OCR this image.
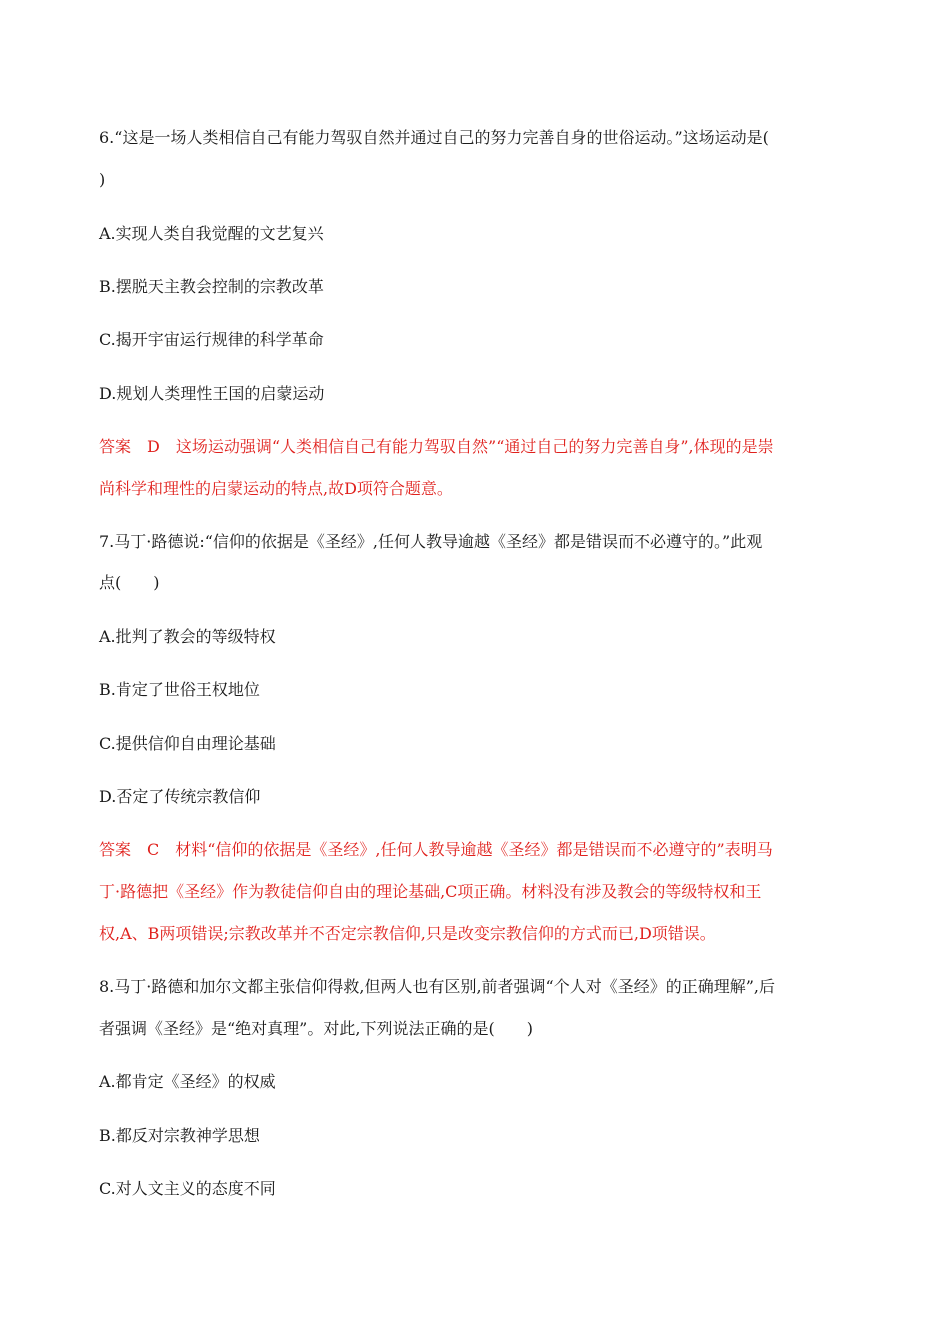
6.“这是一场人类相信自己有能力驾驭自然并通过自己的努力完善自身的世俗运动。”这场运动是(
)
A.实现人类自我觉醒的文艺复兴
B.摆脱天主教会控制的宗教改革
C.揭开宇宙运行规律的科学革命
D.规划人类理性王国的启蒙运动
答案　D　这场运动强调“人类相信自己有能力驾驭自然”“通过自己的努力完善自身”,体现的是崇
尚科学和理性的启蒙运动的特点,故D项符合题意。
7.马丁·路德说:“信仰的依据是《圣经》,任何人教导逾越《圣经》都是错误而不必遵守的。”此观
点(　　)
A.批判了教会的等级特权
B.肯定了世俗王权地位
C.提供信仰自由理论基础
D.否定了传统宗教信仰
答案　C　材料“信仰的依据是《圣经》,任何人教导逾越《圣经》都是错误而不必遵守的”表明马
丁·路德把《圣经》作为教徒信仰自由的理论基础,C项正确。材料没有涉及教会的等级特权和王
权,A、B两项错误;宗教改革并不否定宗教信仰,只是改变宗教信仰的方式而已,D项错误。
8.马丁·路德和加尔文都主张信仰得救,但两人也有区别,前者强调“个人对《圣经》的正确理解”,后
者强调《圣经》是“绝对真理”。对此,下列说法正确的是(　　)
A.都肯定《圣经》的权威
B.都反对宗教神学思想
C.对人文主义的态度不同
